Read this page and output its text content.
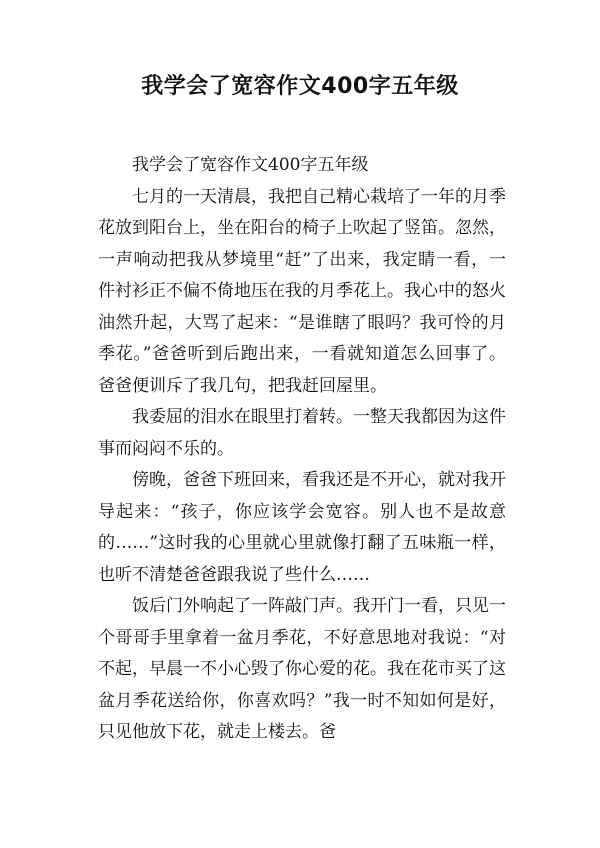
我学会了宽容作文400字五年级

我学会了宽容作文400字五年级

七月的一天清晨，我把自己精心栽培了一年的月季花放到阳台上，坐在阳台的椅子上吹起了竖笛。忽然，一声响动把我从梦境里“赶”了出来，我定睛一看，一件衬衫正不偏不倚地压在我的月季花上。我心中的怒火油然升起，大骂了起来：“是谁瞎了眼吗？我可怜的月季花。”爸爸听到后跑出来，一看就知道怎么回事了。爸爸便训斥了我几句，把我赶回屋里。

我委屈的泪水在眼里打着转。一整天我都因为这件事而闷闷不乐的。

傍晚，爸爸下班回来，看我还是不开心，就对我开导起来：“孩子，你应该学会宽容。别人也不是故意的……”这时我的心里就心里就像打翻了五味瓶一样，也听不清楚爸爸跟我说了些什么……

饭后门外响起了一阵敲门声。我开门一看，只见一个哥哥手里拿着一盆月季花，不好意思地对我说：“对不起，早晨一不小心毁了你心爱的花。我在花市买了这盆月季花送给你，你喜欢吗？”我一时不知如何是好，只见他放下花，就走上楼去。爸
